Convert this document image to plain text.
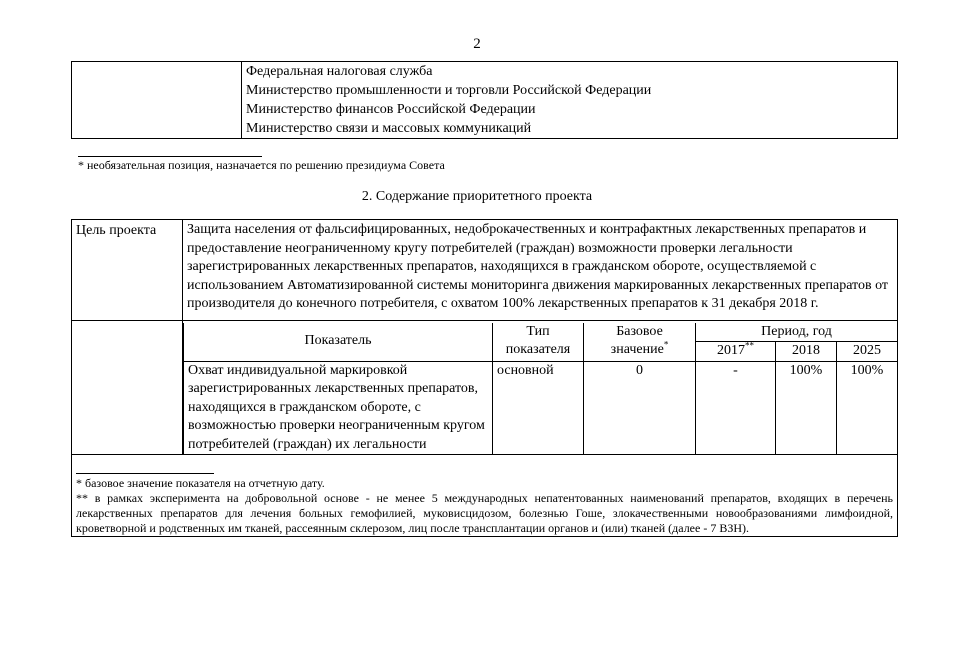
2

Федеральная налоговая служба
Министерство промышленности и торговли Российской Федерации
Министерство финансов Российской Федерации
Министерство связи и массовых коммуникаций
* необязательная позиция, назначается по решению президиума Совета
2. Содержание приоритетного проекта
Цель проекта	Защита населения от фальсифицированных, недоброкачественных и контрафактных лекарственных препаратов и предоставление неограниченному кругу потребителей (граждан) возможности проверки легальности зарегистрированных лекарственных препаратов, находящихся в гражданском обороте, осуществляемой с использованием Автоматизированной системы мониторинга движения маркированных лекарственных препаратов от производителя до конечного потребителя, с охватом 100% лекарственных препаратов к 31 декабря 2018 г.

Показатель	Тип показателя	Базовое значение*	Период, год
2017**	2018	2025
Охват индивидуальной маркировкой зарегистрированных лекарственных препаратов, находящихся в гражданском обороте, с возможностью проверки неограниченным кругом потребителей (граждан) их легальности	основной	0	-	100%	100%

* базовое значение показателя на отчетную дату.
** в рамках эксперимента на добровольной основе - не менее 5 международных непатентованных наименований препаратов, входящих в перечень лекарственных препаратов для лечения больных гемофилией, муковисцидозом, болезнью Гоше, злокачественными новообразованиями лимфоидной, кроветворной и родственных им тканей, рассеянным склерозом, лиц после трансплантации органов и (или) тканей (далее - 7 ВЗН).
